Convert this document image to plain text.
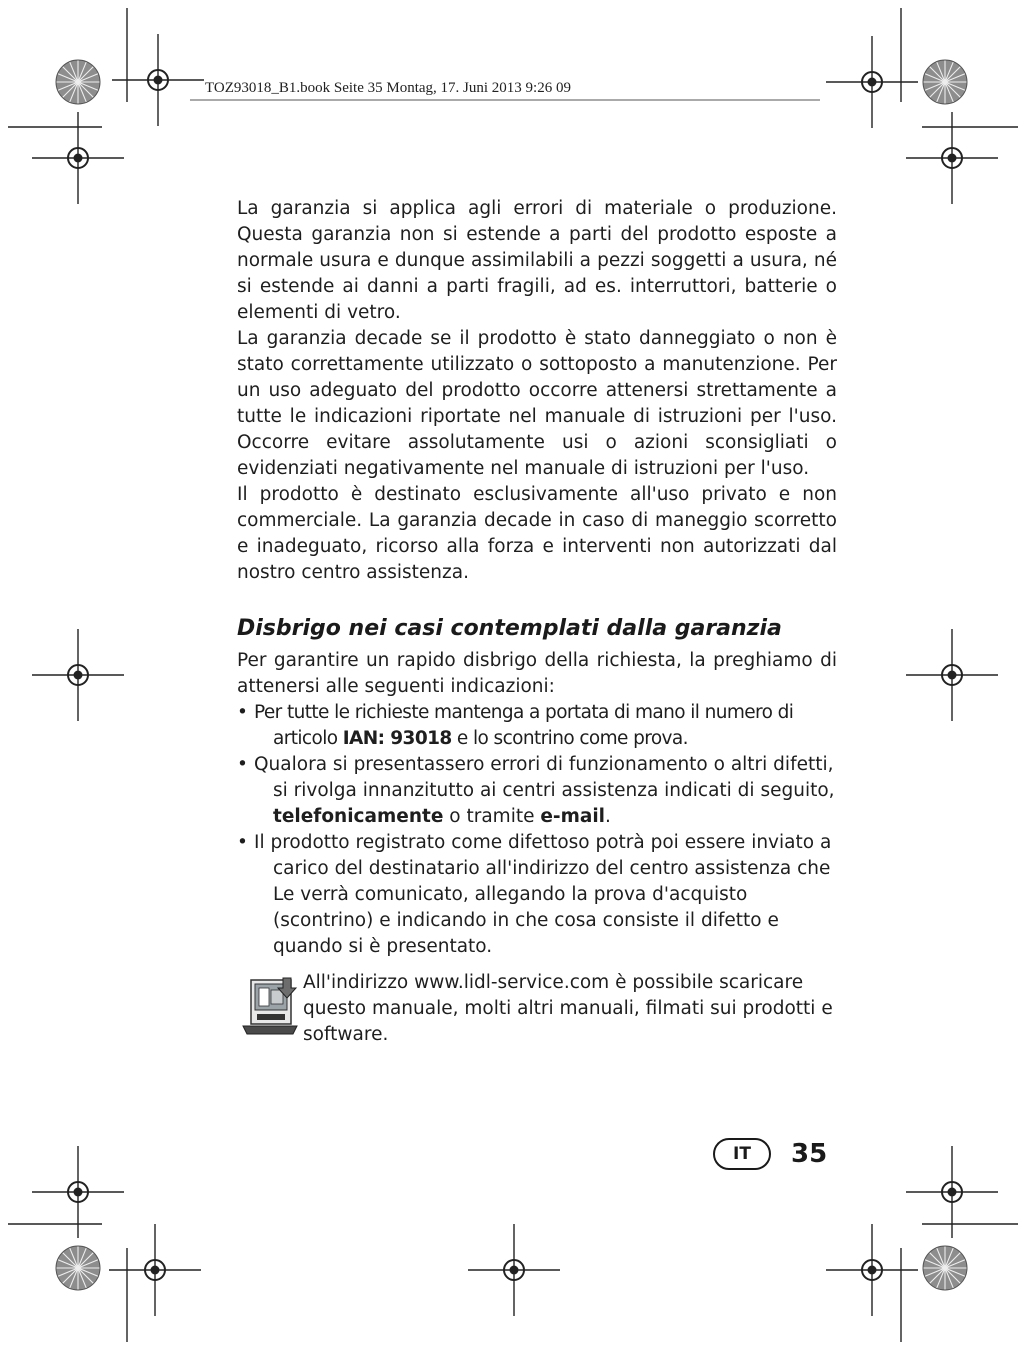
TOZ93018_B1.book Seite 35 Montag, 17. Juni 2013 9:26 09

La garanzia si applica agli errori di materiale o produzione. Questa garanzia non si estende a parti del prodotto esposte a normale usura e dunque assimilabili a pezzi soggetti a usura, né si estende ai danni a parti fragili, ad es. interruttori, batterie o elementi di vetro.

La garanzia decade se il prodotto è stato danneggiato o non è stato correttamente utilizzato o sottoposto a manutenzione. Per un uso adeguato del prodotto occorre attenersi strettamente a tutte le indicazioni riportate nel manuale di istruzioni per l'uso. Occorre evitare assolutamente usi o azioni sconsigliati o evidenziati negativamente nel manuale di istruzioni per l'uso.

Il prodotto è destinato esclusivamente all'uso privato e non commerciale. La garanzia decade in caso di maneggio scorretto e inadeguato, ricorso alla forza e interventi non autorizzati dal nostro centro assistenza.

Disbrigo nei casi contemplati dalla garanzia

Per garantire un rapido disbrigo della richiesta, la preghiamo di attenersi alle seguenti indicazioni:

• Per tutte le richieste mantenga a portata di mano il numero di articolo IAN: 93018 e lo scontrino come prova.
• Qualora si presentassero errori di funzionamento o altri difetti, si rivolga innanzitutto ai centri assistenza indicati di seguito, telefonicamente o tramite e-mail.
• Il prodotto registrato come difettoso potrà poi essere inviato a carico del destinatario all'indirizzo del centro assistenza che Le verrà comunicato, allegando la prova d'acquisto (scontrino) e indicando in che cosa consiste il difetto e quando si è presentato.
All'indirizzo www.lidl-service.com è possibile scaricare questo manuale, molti altri manuali, filmati sui prodotti e software.
IT	35
